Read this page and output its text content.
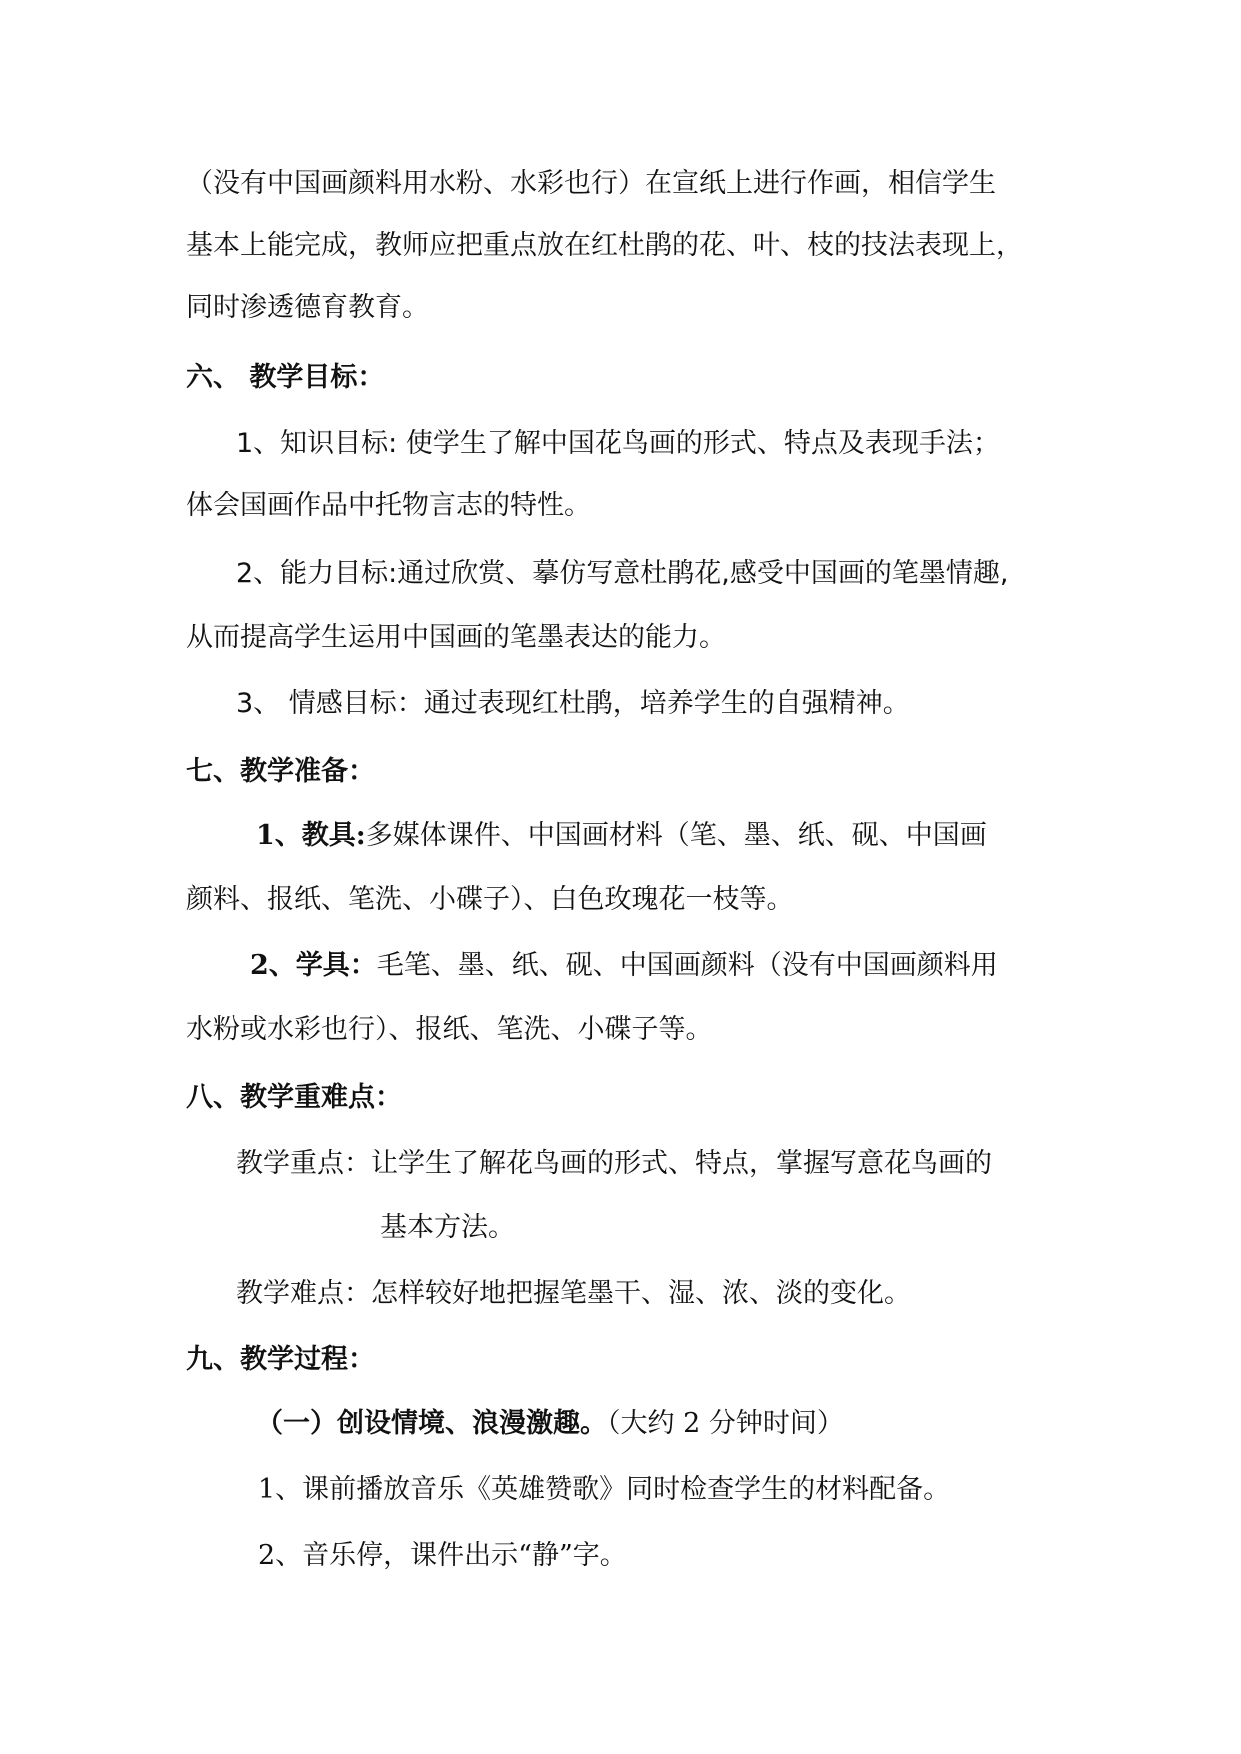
（没有中国画颜料用水粉、水彩也行）在宣纸上进行作画，相信学生
基本上能完成，教师应把重点放在红杜鹃的花、叶、枝的技法表现上，
同时渗透德育教育。
六、 教学目标：
1、知识目标: 使学生了解中国花鸟画的形式、特点及表现手法；
体会国画作品中托物言志的特性。
2、能力目标:通过欣赏、摹仿写意杜鹃花,感受中国画的笔墨情趣,
从而提高学生运用中国画的笔墨表达的能力。
3、 情感目标：通过表现红杜鹃，培养学生的自强精神。
七、教学准备：
1、教具:多媒体课件、中国画材料（笔、墨、纸、砚、中国画
颜料、报纸、笔洗、小碟子）、白色玫瑰花一枝等。
2、学具：毛笔、墨、纸、砚、中国画颜料（没有中国画颜料用
水粉或水彩也行）、报纸、笔洗、小碟子等。
八、教学重难点：
教学重点：让学生了解花鸟画的形式、特点，掌握写意花鸟画的
基本方法。
教学难点：怎样较好地把握笔墨干、湿、浓、淡的变化。
九、教学过程：
（一）创设情境、浪漫激趣。（大约 2 分钟时间）
1、课前播放音乐《英雄赞歌》同时检查学生的材料配备。
2、音乐停，课件出示“静”字。
